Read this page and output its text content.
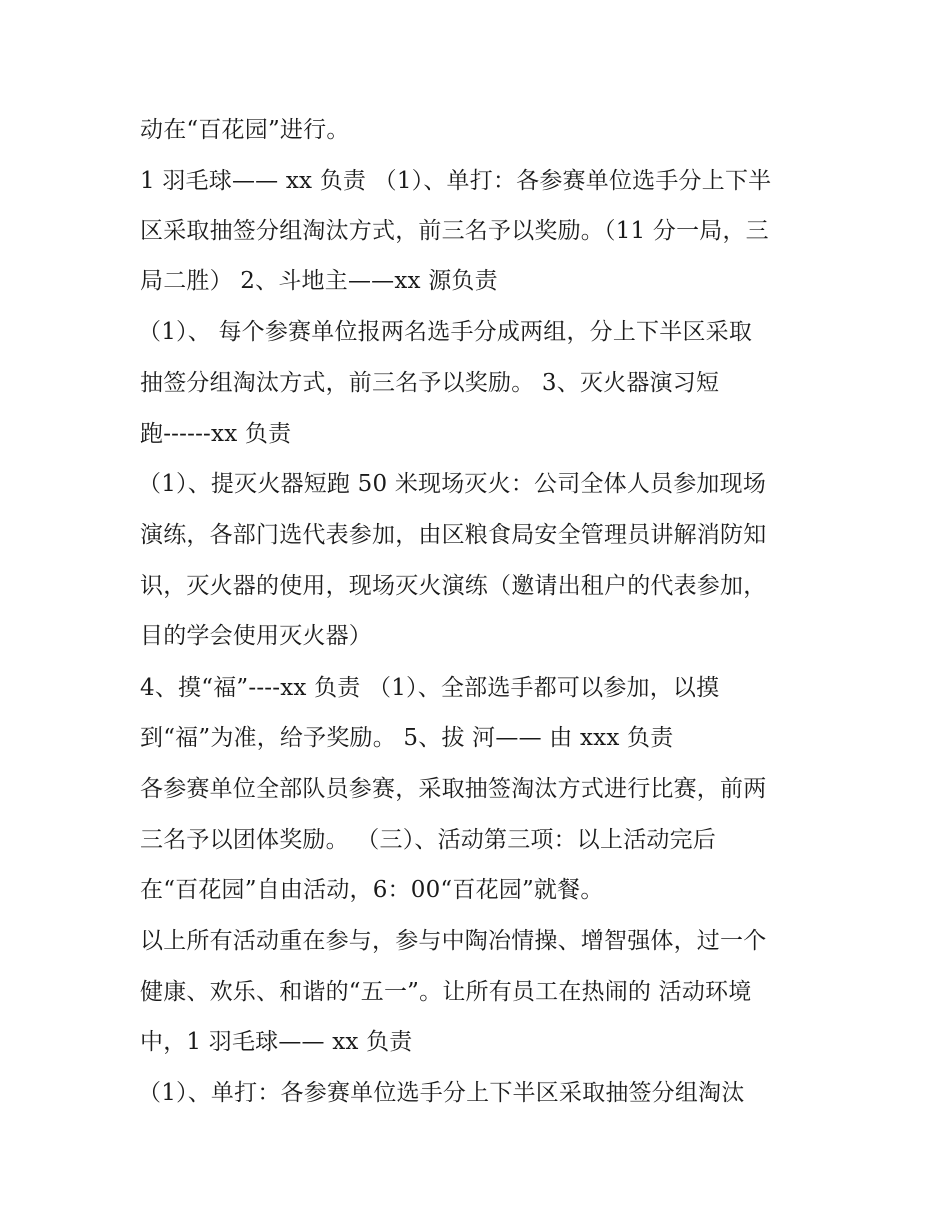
动在“百花园”进行。
1 羽毛球—— xx 负责 （1）、单打：各参赛单位选手分上下半
区采取抽签分组淘汰方式，前三名予以奖励。（11 分一局，三
局二胜） 2、斗地主——xx 源负责
（1）、 每个参赛单位报两名选手分成两组，分上下半区采取
抽签分组淘汰方式，前三名予以奖励。 3、灭火器演习短
跑------xx 负责
（1）、提灭火器短跑 50 米现场灭火：公司全体人员参加现场
演练，各部门选代表参加，由区粮食局安全管理员讲解消防知
识，灭火器的使用，现场灭火演练（邀请出租户的代表参加，
目的学会使用灭火器）
4、摸“福”----xx 负责 （1）、全部选手都可以参加，以摸
到“福”为准，给予奖励。 5、拔 河—— 由 xxx 负责
各参赛单位全部队员参赛，采取抽签淘汰方式进行比赛，前两
三名予以团体奖励。 （三）、活动第三项：以上活动完后
在“百花园”自由活动，6：00“百花园”就餐。
以上所有活动重在参与，参与中陶冶情操、增智强体，过一个
健康、欢乐、和谐的“五一”。让所有员工在热闹的 活动环境
中，1 羽毛球—— xx 负责
（1）、单打：各参赛单位选手分上下半区采取抽签分组淘汰
